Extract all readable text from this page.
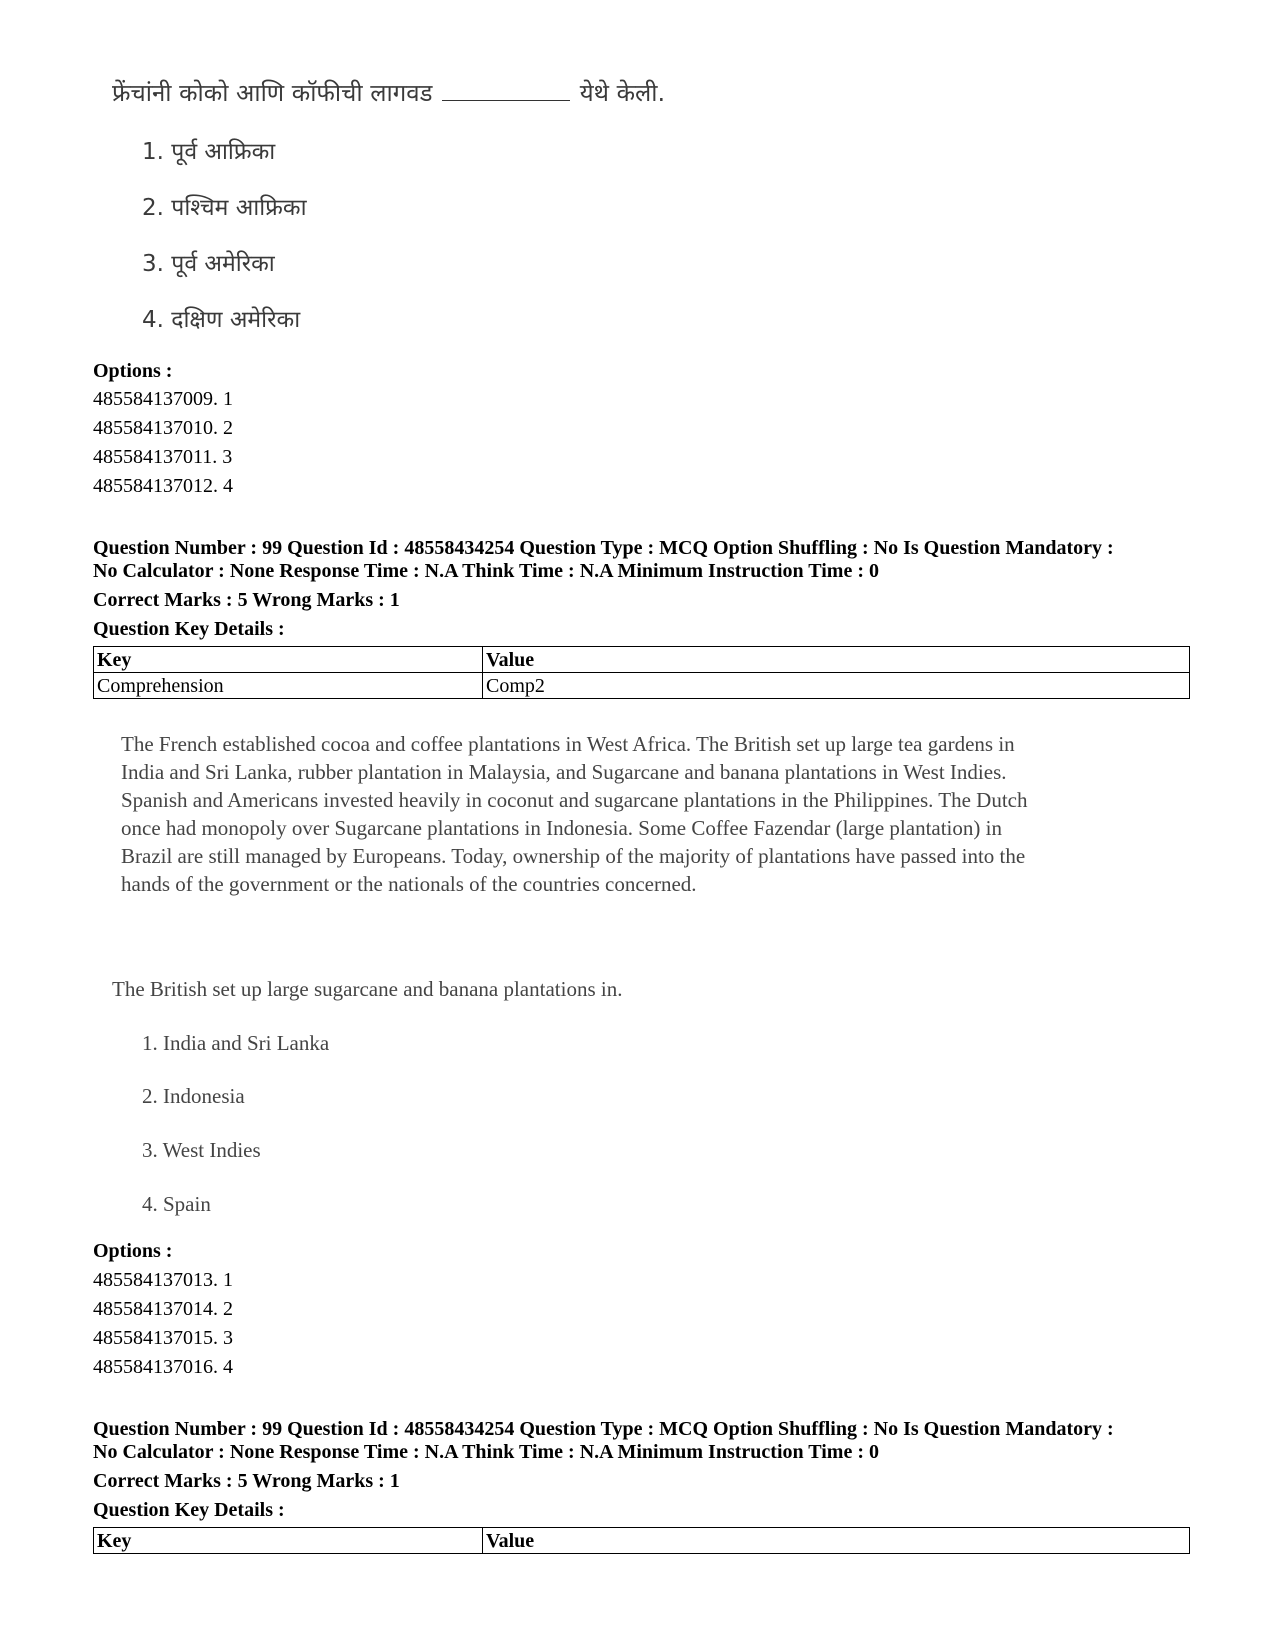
फ्रेंचांनी कोको आणि कॉफीची लागवड	येथे केली.
1. पूर्व आफ्रिका
2. पश्चिम आफ्रिका
3. पूर्व अमेरिका
4. दक्षिण अमेरिका
Options :
485584137009. 1
485584137010. 2
485584137011. 3
485584137012. 4
Question Number : 99 Question Id : 48558434254 Question Type : MCQ Option Shuffling : No Is Question Mandatory :
No Calculator : None Response Time : N.A Think Time : N.A Minimum Instruction Time : 0
Correct Marks : 5 Wrong Marks : 1
Question Key Details :
Key	Value
Comprehension	Comp2
The French established cocoa and coffee plantations in West Africa. The British set up large tea gardens in
India and Sri Lanka, rubber plantation in Malaysia, and Sugarcane and banana plantations in West Indies.
Spanish and Americans invested heavily in coconut and sugarcane plantations in the Philippines. The Dutch
once had monopoly over Sugarcane plantations in Indonesia. Some Coffee Fazendar (large plantation) in
Brazil are still managed by Europeans. Today, ownership of the majority of plantations have passed into the
hands of the government or the nationals of the countries concerned.
The British set up large sugarcane and banana plantations in.
1. India and Sri Lanka
2. Indonesia
3. West Indies
4. Spain
Options :
485584137013. 1
485584137014. 2
485584137015. 3
485584137016. 4
Question Number : 99 Question Id : 48558434254 Question Type : MCQ Option Shuffling : No Is Question Mandatory :
No Calculator : None Response Time : N.A Think Time : N.A Minimum Instruction Time : 0
Correct Marks : 5 Wrong Marks : 1
Question Key Details :
Key	Value
